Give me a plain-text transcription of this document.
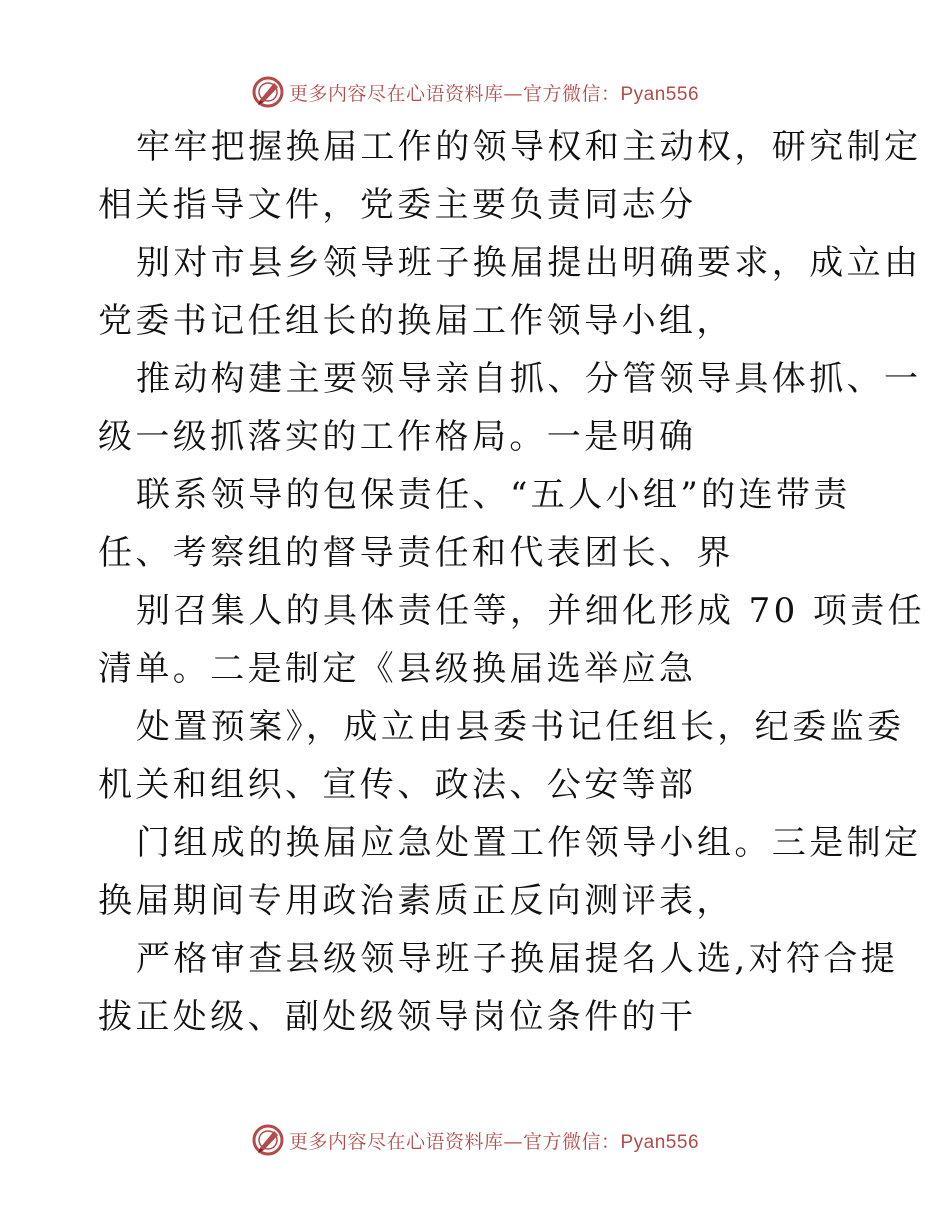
更多内容尽在心语资料库—官方微信：Pyan556
牢牢把握换届工作的领导权和主动权，研究制定
相关指导文件，党委主要负责同志分
别对市县乡领导班子换届提出明确要求，成立由
党委书记任组长的换届工作领导小组，
推动构建主要领导亲自抓、分管领导具体抓、一
级一级抓落实的工作格局。一是明确
联系领导的包保责任、“五人小组”的连带责
任、考察组的督导责任和代表团长、界
别召集人的具体责任等，并细化形成 70 项责任
清单。二是制定《县级换届选举应急
处置预案》，成立由县委书记任组长，纪委监委
机关和组织、宣传、政法、公安等部
门组成的换届应急处置工作领导小组。三是制定
换届期间专用政治素质正反向测评表，
严格审查县级领导班子换届提名人选,对符合提
拔正处级、副处级领导岗位条件的干
更多内容尽在心语资料库—官方微信：Pyan556
